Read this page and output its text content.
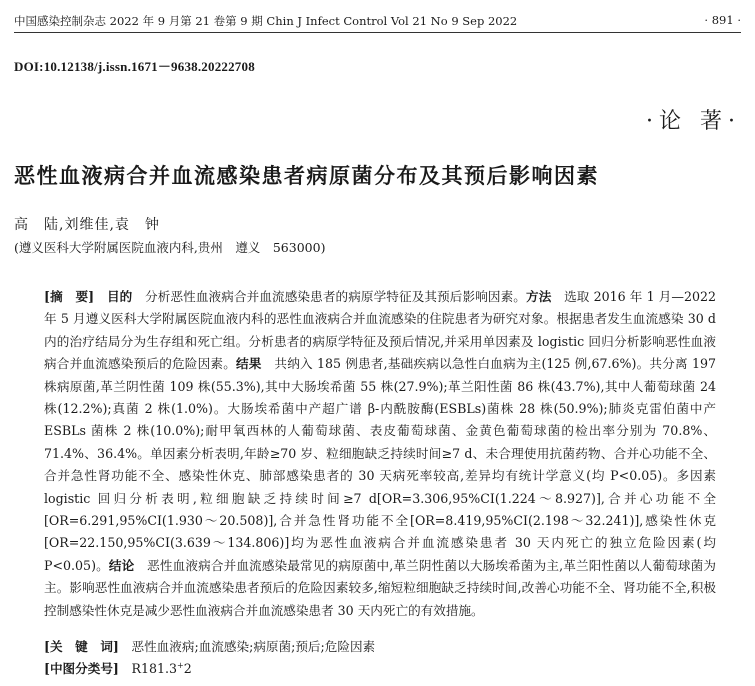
中国感染控制杂志 2022 年 9 月第 21 卷第 9 期 Chin J Infect Control Vol 21 No 9 Sep 2022	· 891 ·
DOI:10.12138/j.issn.1671－9638.20222708
·论 著·
恶性血液病合并血流感染患者病原菌分布及其预后影响因素
高　陆,刘维佳,袁　钟
(遵义医科大学附属医院血液内科,贵州　遵义　563000)
[摘　要]　 目的　 分析恶性血液病合并血流感染患者的病原学特征及其预后影响因素。方法　 选取 2016 年 1 月—2022 年 5 月遵义医科大学附属医院血液内科的恶性血液病合并血流感染的住院患者为研究对象。根据患者发生血流感染 30 d 内的治疗结局分为生存组和死亡组。分析患者的病原学特征及预后情况,并采用单因素及 logistic 回归分析影响恶性血液病合并血流感染预后的危险因素。结果　 共纳入 185 例患者,基础疾病以急性白血病为主(125 例,67.6%)。共分离 197 株病原菌,革兰阴性菌 109 株(55.3%),其中大肠埃希菌 55 株(27.9%);革兰阳性菌 86 株(43.7%),其中人葡萄球菌 24 株(12.2%);真菌 2 株(1.0%)。大肠埃希菌中产超广谱 β-内酰胺酶(ESBLs)菌株 28 株(50.9%);肺炎克雷伯菌中产 ESBLs 菌株 2 株(10.0%);耐甲氧西林的人葡萄球菌、表皮葡萄球菌、金黄色葡萄球菌的检出率分别为 70.8%、71.4%、36.4%。单因素分析表明,年龄≥70 岁、粒细胞缺乏持续时间≥7 d、未合理使用抗菌药物、合并心功能不全、合并急性肾功能不全、感染性休克、肺部感染患者的 30 天病死率较高,差异均有统计学意义(均 P<0.05)。多因素 logistic 回归分析表明,粒细胞缺乏持续时间≥7 d[OR=3.306,95%CI(1.224～8.927)],合并心功能不全[OR=6.291,95%CI(1.930～20.508)],合并急性肾功能不全[OR=8.419,95%CI(2.198～32.241)],感染性休克[OR=22.150,95%CI(3.639～134.806)]均为恶性血液病合并血流感染患者 30 天内死亡的独立危险因素(均 P<0.05)。结论　 恶性血液病合并血流感染最常见的病原菌中,革兰阴性菌以大肠埃希菌为主,革兰阳性菌以人葡萄球菌为主。影响恶性血液病合并血流感染患者预后的危险因素较多,缩短粒细胞缺乏持续时间,改善心功能不全、肾功能不全,积极控制感染性休克是减少恶性血液病合并血流感染患者 30 天内死亡的有效措施。
[关　键　词]　 恶性血液病;血流感染;病原菌;预后;危险因素
[中图分类号]　 R181.3+2
